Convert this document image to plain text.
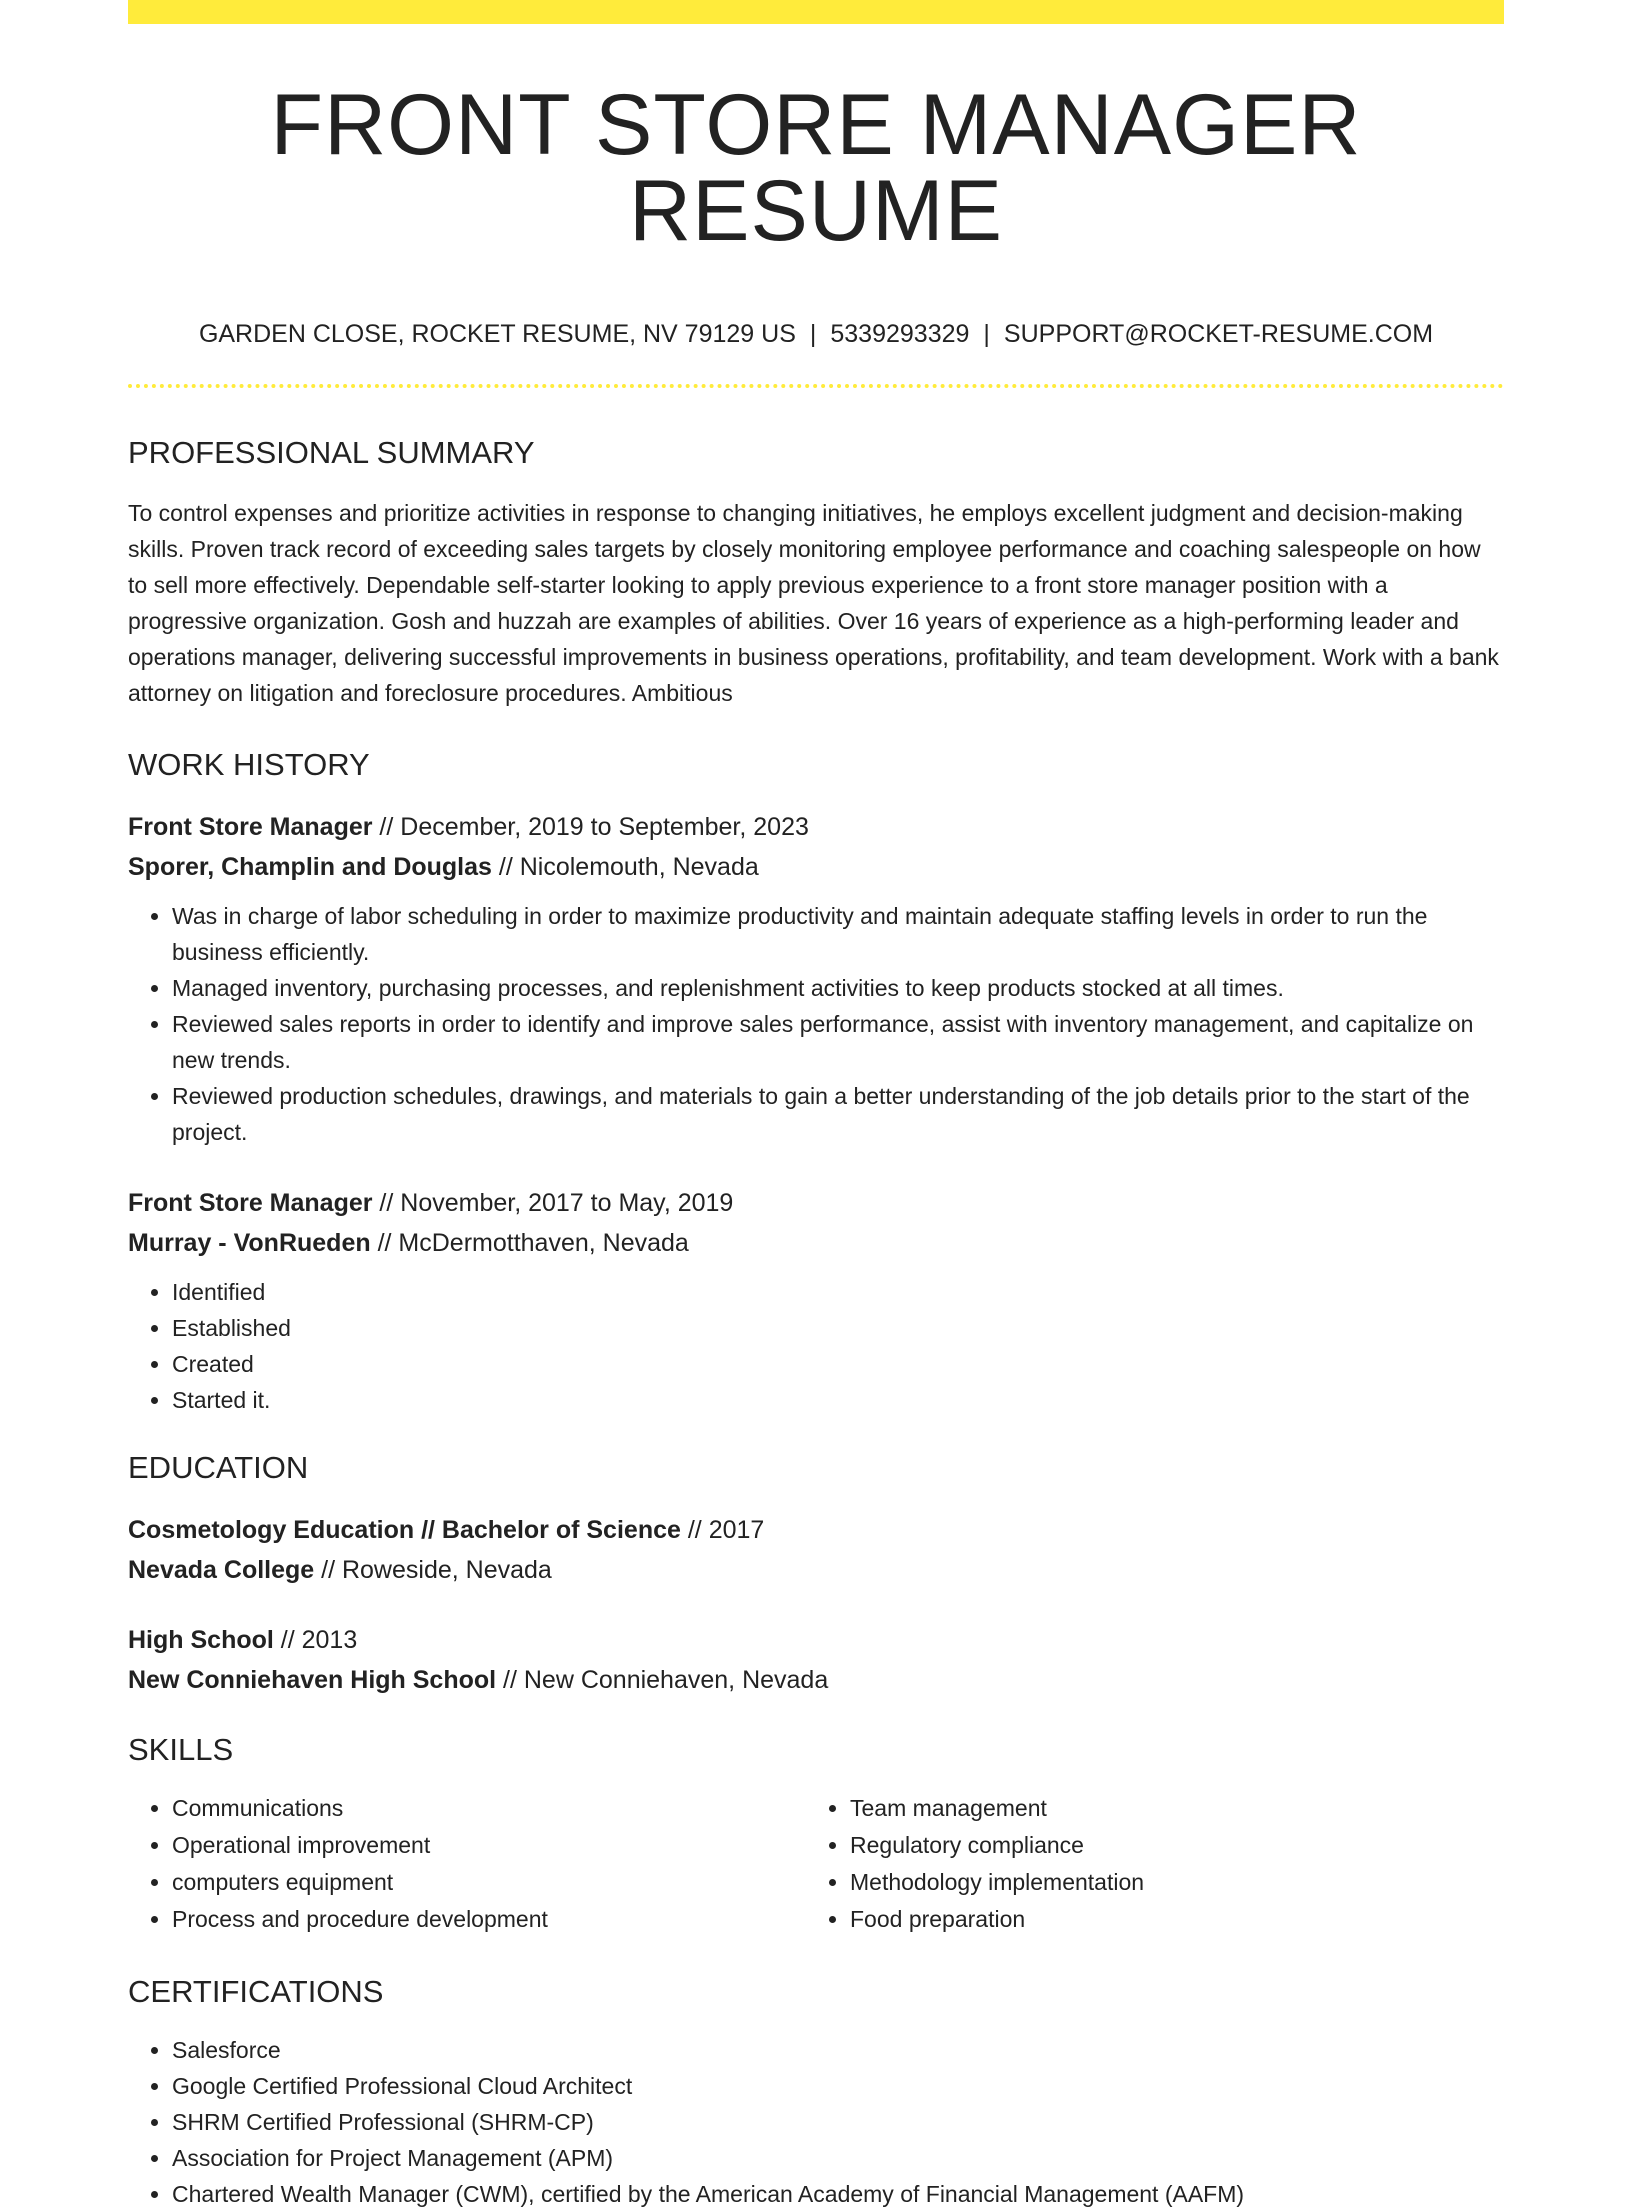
FRONT STORE MANAGER RESUME
GARDEN CLOSE, ROCKET RESUME, NV 79129 US | 5339293329 | SUPPORT@ROCKET-RESUME.COM
PROFESSIONAL SUMMARY

To control expenses and prioritize activities in response to changing initiatives, he employs excellent judgment and decision-making skills. Proven track record of exceeding sales targets by closely monitoring employee performance and coaching salespeople on how to sell more effectively. Dependable self-starter looking to apply previous experience to a front store manager position with a progressive organization. Gosh and huzzah are examples of abilities. Over 16 years of experience as a high-performing leader and operations manager, delivering successful improvements in business operations, profitability, and team development. Work with a bank attorney on litigation and foreclosure procedures. Ambitious

WORK HISTORY
Front Store Manager // December, 2019 to September, 2023
Sporer, Champlin and Douglas // Nicolemouth, Nevada
• Was in charge of labor scheduling in order to maximize productivity and maintain adequate staffing levels in order to run the business efficiently.
• Managed inventory, purchasing processes, and replenishment activities to keep products stocked at all times.
• Reviewed sales reports in order to identify and improve sales performance, assist with inventory management, and capitalize on new trends.
• Reviewed production schedules, drawings, and materials to gain a better understanding of the job details prior to the start of the project.
Front Store Manager // November, 2017 to May, 2019
Murray - VonRueden // McDermotthaven, Nevada
• Identified
• Established
• Created
• Started it.
EDUCATION
Cosmetology Education // Bachelor of Science // 2017
Nevada College // Roweside, Nevada
High School // 2013
New Conniehaven High School // New Conniehaven, Nevada
SKILLS
• Communications
• Operational improvement
• computers equipment
• Process and procedure development
• Team management
• Regulatory compliance
• Methodology implementation
• Food preparation
CERTIFICATIONS
• Salesforce
• Google Certified Professional Cloud Architect
• SHRM Certified Professional (SHRM-CP)
• Association for Project Management (APM)
• Chartered Wealth Manager (CWM), certified by the American Academy of Financial Management (AAFM)
